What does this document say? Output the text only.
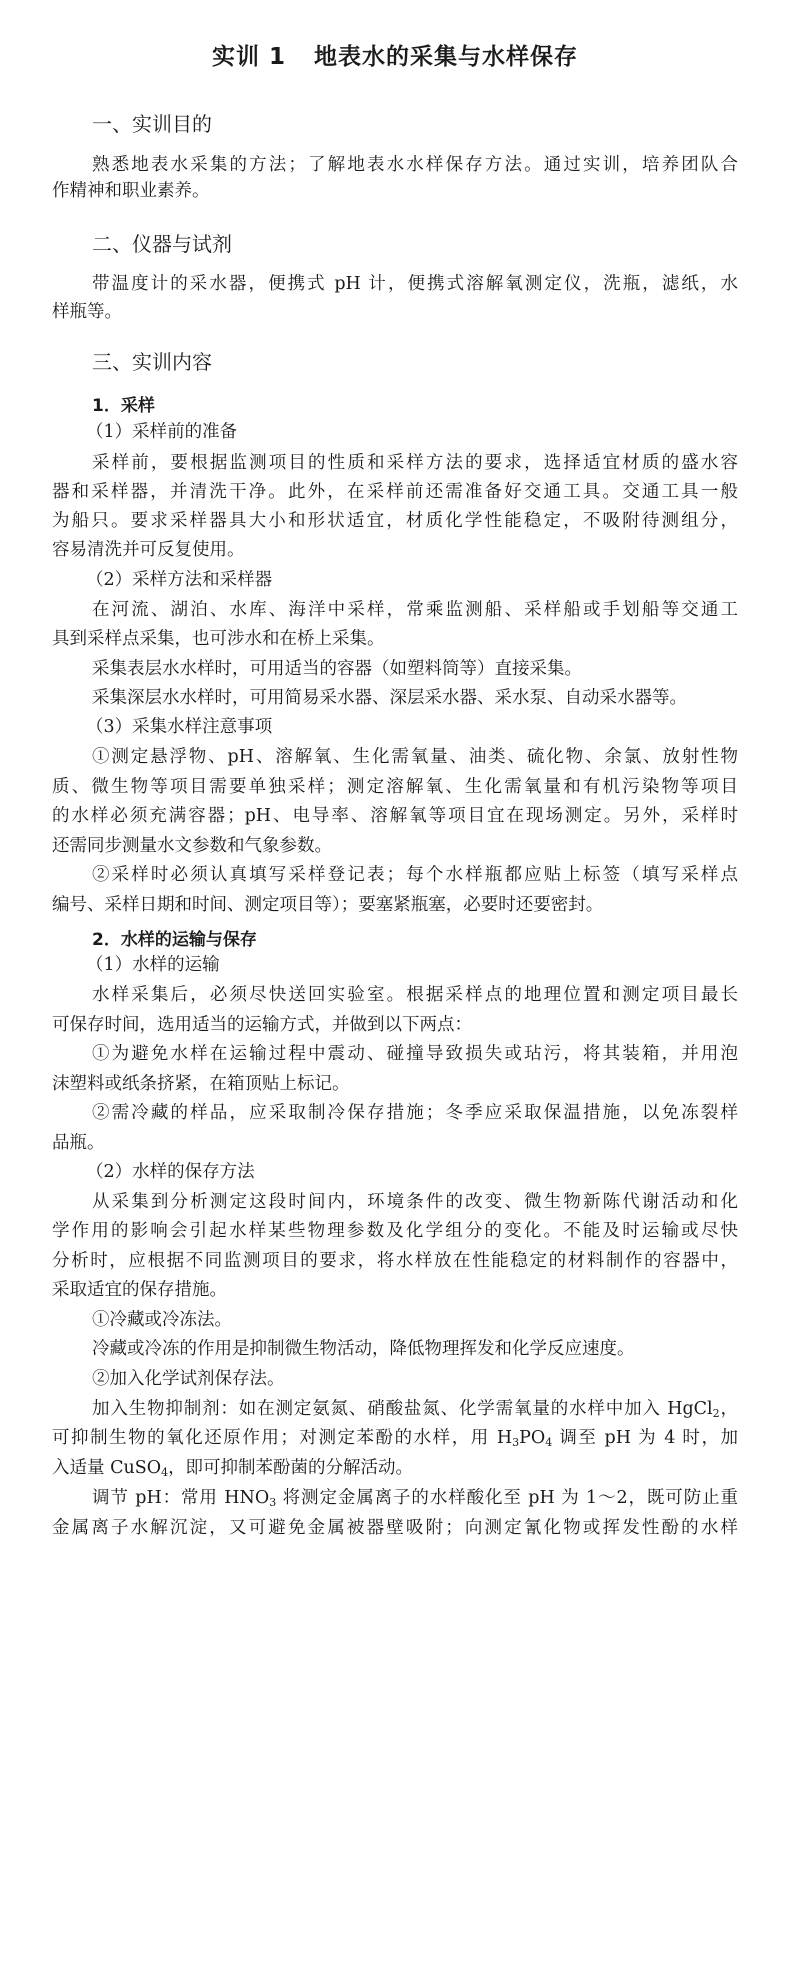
实训 1 地表水的采集与水样保存
一、实训目的
熟悉地表水采集的方法；了解地表水水样保存方法。通过实训，培养团队合
作精神和职业素养。
二、仪器与试剂
带温度计的采水器，便携式 pH 计，便携式溶解氧测定仪，洗瓶，滤纸，水
样瓶等。
三、实训内容
1．采样
（1）采样前的准备
采样前，要根据监测项目的性质和采样方法的要求，选择适宜材质的盛水容
器和采样器，并清洗干净。此外，在采样前还需准备好交通工具。交通工具一般
为船只。要求采样器具大小和形状适宜，材质化学性能稳定，不吸附待测组分，
容易清洗并可反复使用。
（2）采样方法和采样器
在河流、湖泊、水库、海洋中采样，常乘监测船、采样船或手划船等交通工
具到采样点采集，也可涉水和在桥上采集。
采集表层水水样时，可用适当的容器（如塑料筒等）直接采集。
采集深层水水样时，可用简易采水器、深层采水器、采水泵、自动采水器等。
（3）采集水样注意事项
①测定悬浮物、pH、溶解氧、生化需氧量、油类、硫化物、余氯、放射性物
质、微生物等项目需要单独采样；测定溶解氧、生化需氧量和有机污染物等项目
的水样必须充满容器；pH、电导率、溶解氧等项目宜在现场测定。另外，采样时
还需同步测量水文参数和气象参数。
②采样时必须认真填写采样登记表；每个水样瓶都应贴上标签（填写采样点
编号、采样日期和时间、测定项目等）；要塞紧瓶塞，必要时还要密封。
2．水样的运输与保存
（1）水样的运输
水样采集后，必须尽快送回实验室。根据采样点的地理位置和测定项目最长
可保存时间，选用适当的运输方式，并做到以下两点：
①为避免水样在运输过程中震动、碰撞导致损失或玷污，将其装箱，并用泡
沫塑料或纸条挤紧，在箱顶贴上标记。
②需冷藏的样品，应采取制冷保存措施；冬季应采取保温措施，以免冻裂样
品瓶。
（2）水样的保存方法
从采集到分析测定这段时间内，环境条件的改变、微生物新陈代谢活动和化
学作用的影响会引起水样某些物理参数及化学组分的变化。不能及时运输或尽快
分析时，应根据不同监测项目的要求，将水样放在性能稳定的材料制作的容器中，
采取适宜的保存措施。
①冷藏或冷冻法。
冷藏或冷冻的作用是抑制微生物活动，降低物理挥发和化学反应速度。
②加入化学试剂保存法。
加入生物抑制剂：如在测定氨氮、硝酸盐氮、化学需氧量的水样中加入 HgCl$_2$，
可抑制生物的氧化还原作用；对测定苯酚的水样，用 $H_3PO_4$ 调至 pH 为 4 时，加
入适量 CuSO$_4$，即可抑制苯酚菌的分解活动。
调节 pH：常用 $HNO_3$ 将测定金属离子的水样酸化至 pH 为 1～2，既可防止重
金属离子水解沉淀，又可避免金属被器壁吸附；向测定氰化物或挥发性酚的水样
